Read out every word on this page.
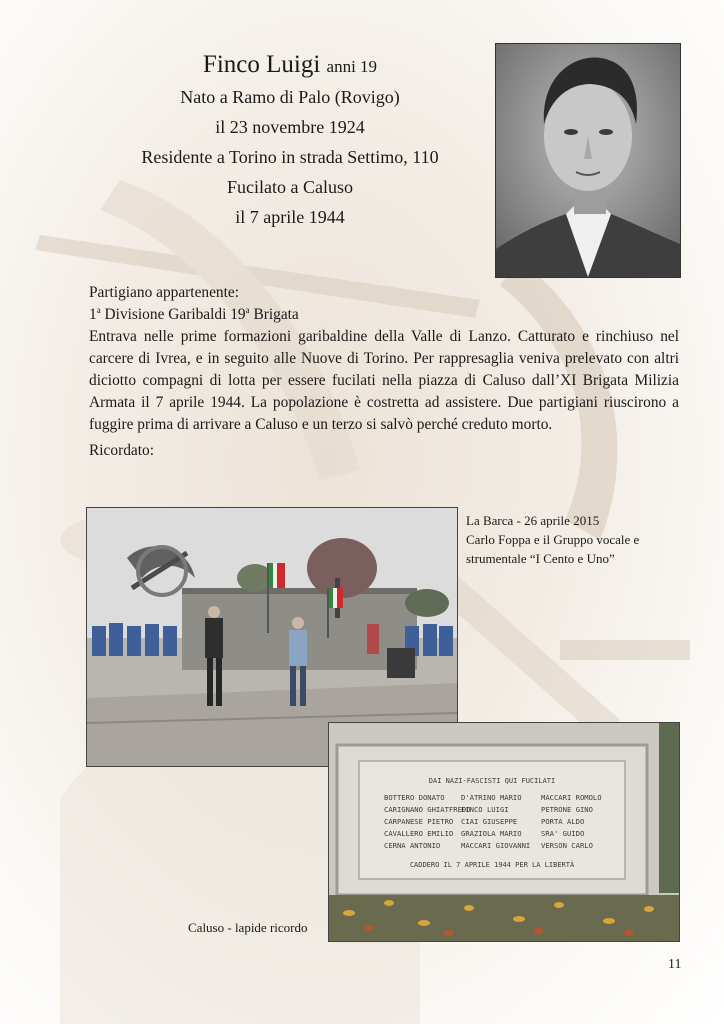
Finco Luigi anni 19
Nato a Ramo di Palo (Rovigo)
il 23 novembre 1924
Residente a Torino in strada Settimo, 110
Fucilato a Caluso
il 7 aprile 1944

Partigiano appartenente:

1$^a$ Divisione Garibaldi 19$^a$ Brigata

Entrava nelle prime formazioni garibaldine della Valle di Lanzo. Catturato e rinchiuso nel carcere di Ivrea, e in seguito alle Nuove di Torino. Per rappresaglia veniva prelevato con altri diciotto compagni di lotta per essere fucilati nella piazza di Caluso dall’XI Brigata Milizia Armata il 7 aprile 1944. La popolazione è costretta ad assistere. Due partigiani riuscirono a fuggire prima di arrivare a Caluso e un terzo si salvò perché creduto morto.

Ricordato:

La Barca - 26 aprile 2015
Carlo Foppa e il Gruppo vocale e
strumentale “I Cento e Uno”
DAI NAZI-FASCISTI QUI FUCILATI
BOTTERO DONATO
CARIGNANO GHIATFREDO
CARPANESE PIETRO
CAVALLERO EMILIO
CERNA ANTONIO
D'ATRINO MARIO
FINCO LUIGI
CIAI GIUSEPPE
GRAZIOLA MARIO
MACCARI GIOVANNI
MACCARI ROMOLO
PETRONE GINO
PORTA ALDO
SRA' GUIDO
VERSON CARLO
CADDERO IL 7 APRILE 1944 PER LA LIBERTÀ
Caluso - lapide ricordo
11
